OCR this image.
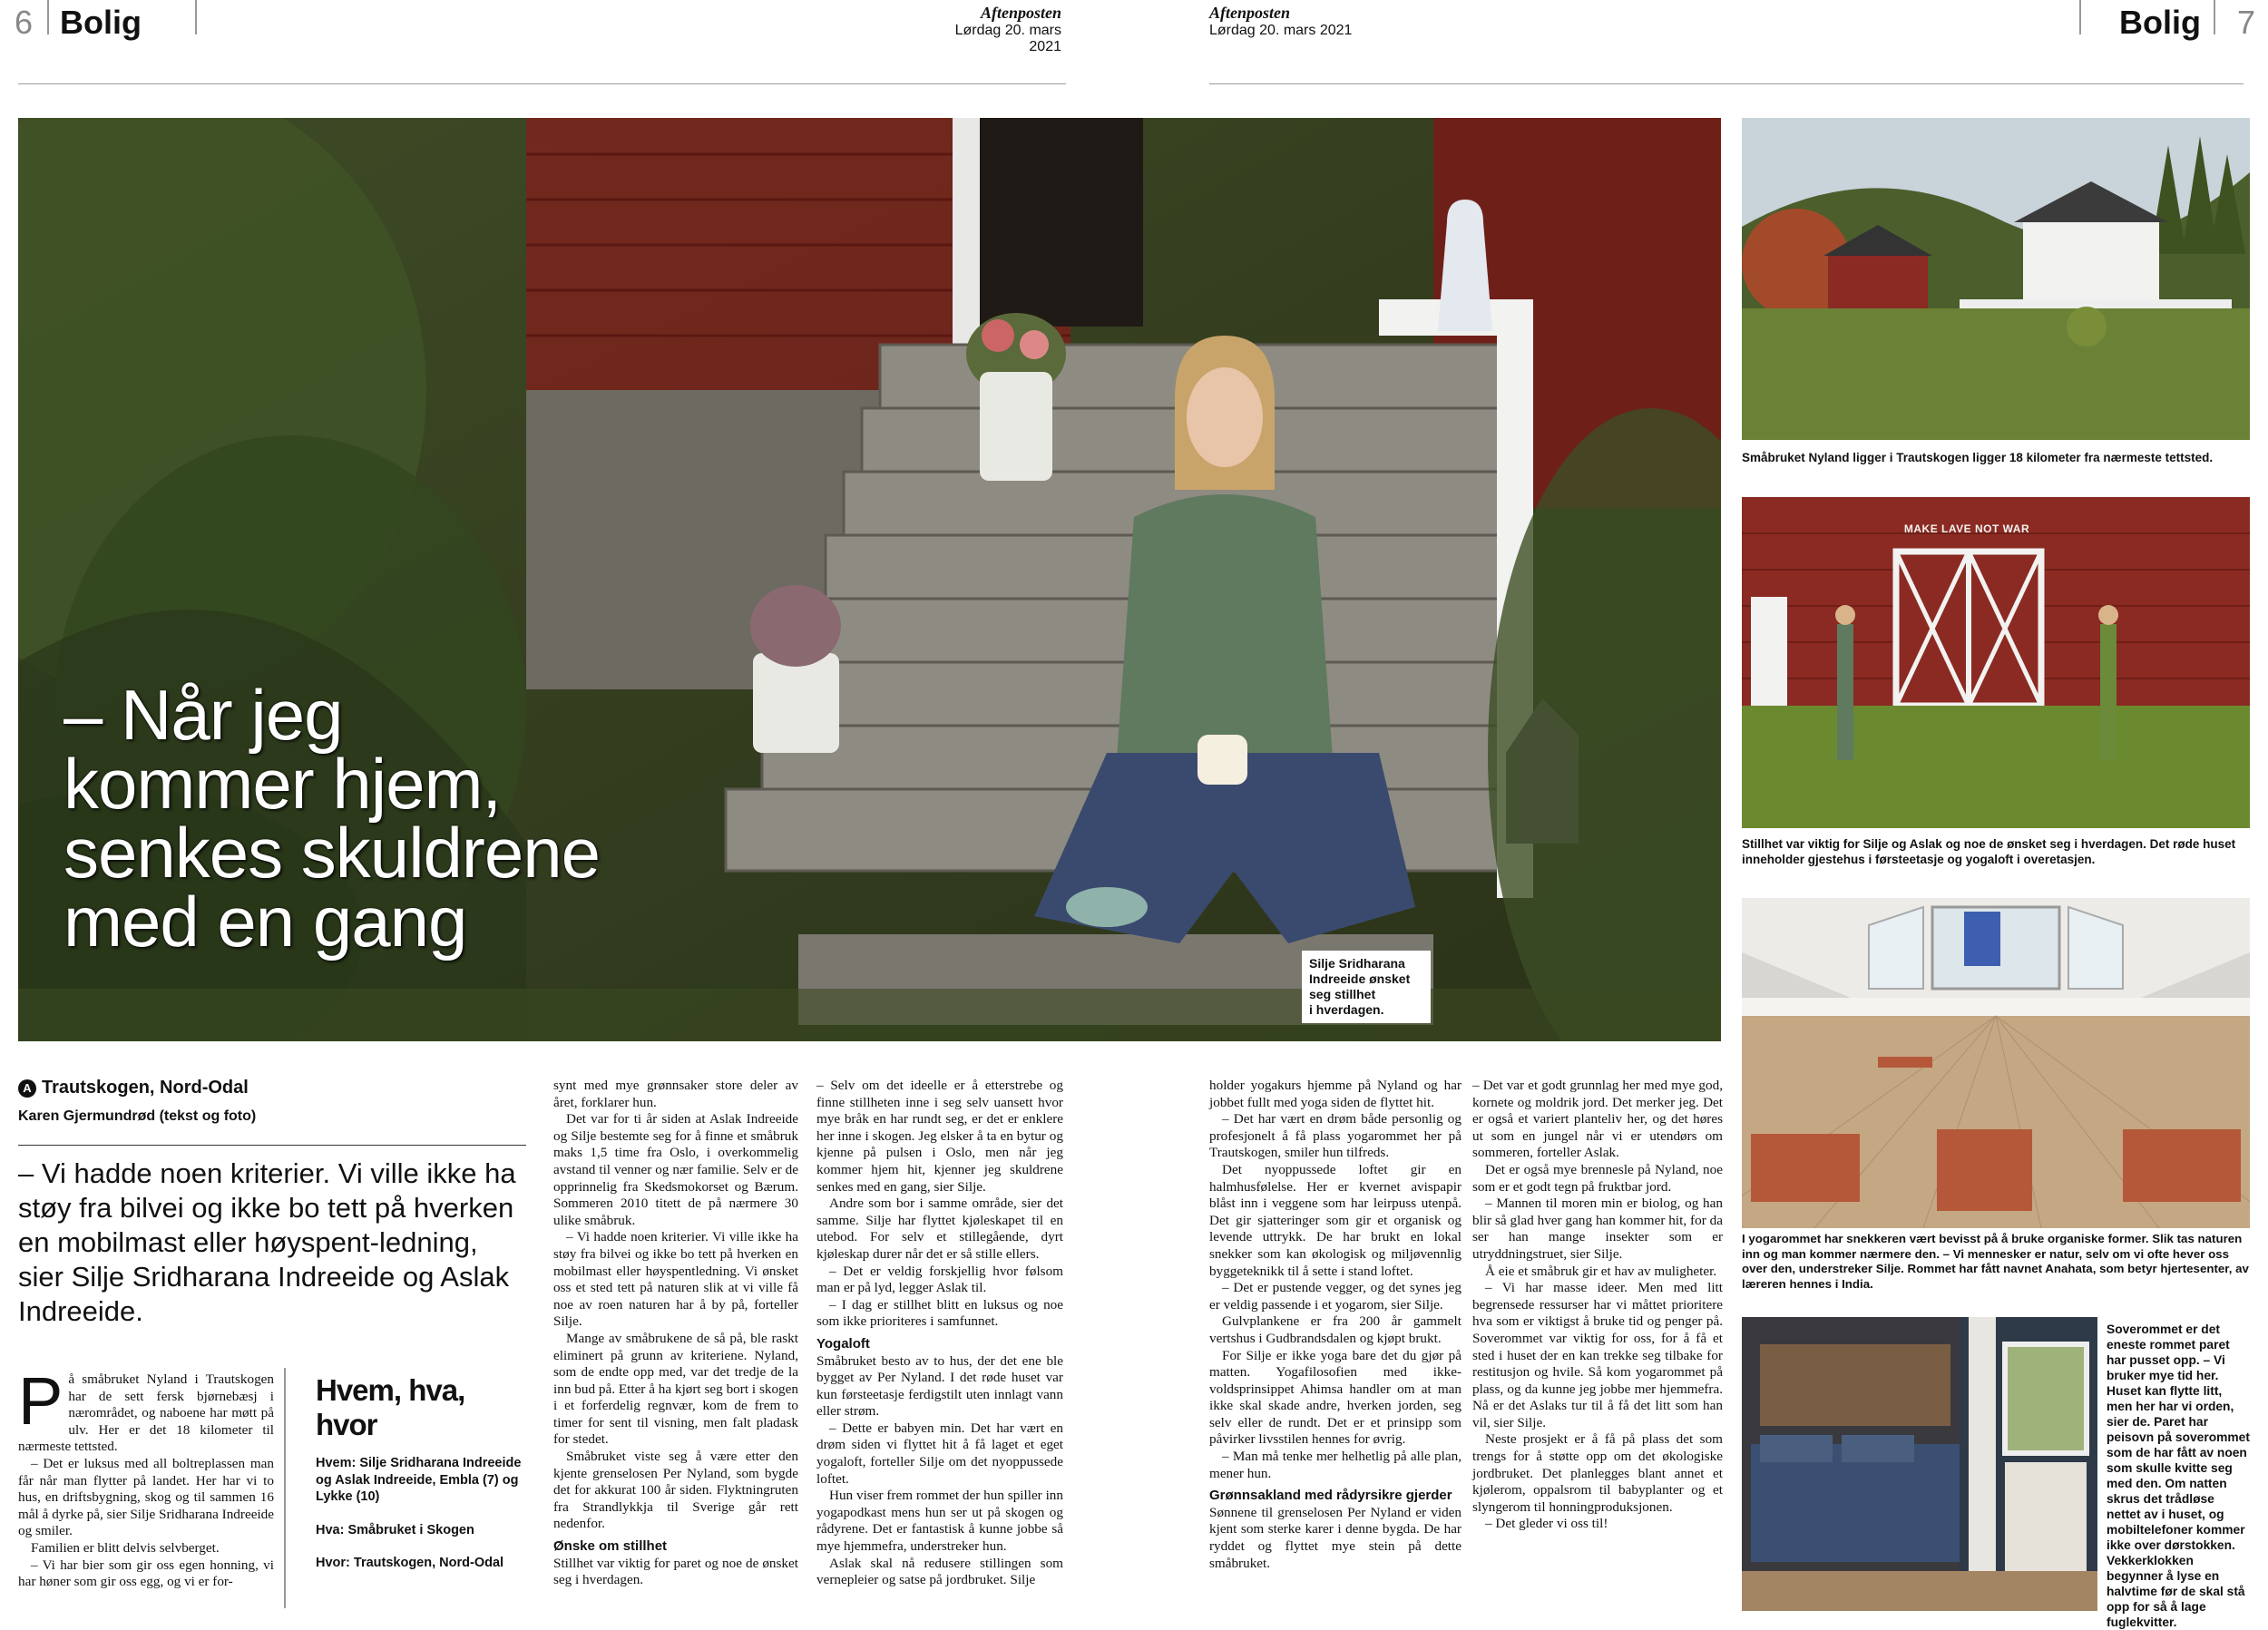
6 Bolig	Aftenposten
Lørdag 20. mars 2021
Aftenposten
Lørdag 20. mars 2021	Bolig 7
– Når jeg
kommer hjem,
senkes skuldrene
med en gang
Silje Sridharana
Indreeide ønsket
seg stillhet
i hverdagen.
A Trautskogen, Nord-Odal
Karen Gjermundrød (tekst og foto)
– Vi hadde noen kriterier. Vi ville ikke ha støy fra bilvei og ikke bo tett på hverken en mobilmast eller høyspent-ledning, sier Silje Sridharana Indreeide og Aslak Indreeide.

På småbruket Nyland i Trautskogen har de sett fersk bjørnebæsj i nærområdet, og naboene har møtt på ulv. Her er det 18 kilometer til nærmeste tettsted.

– Det er luksus med all boltreplassen man får når man flytter på landet. Her har vi to hus, en driftsbygning, skog og til sammen 16 mål å dyrke på, sier Silje Sridharana Indreeide og smiler.

Familien er blitt delvis selvberget.

– Vi har bier som gir oss egen honning, vi har høner som gir oss egg, og vi er for-

Hvem, hva, hvor
Hvem: Silje Sridharana Indreeide og Aslak Indreeide, Embla (7) og Lykke (10)
Hva: Småbruket i Skogen
Hvor: Trautskogen, Nord-Odal

synt med mye grønnsaker store deler av året, forklarer hun.

Det var for ti år siden at Aslak Indreeide og Silje bestemte seg for å finne et småbruk maks 1,5 time fra Oslo, i overkommelig avstand til venner og nær familie. Selv er de opprinnelig fra Skedsmokorset og Bærum. Sommeren 2010 titett de på nærmere 30 ulike småbruk.

– Vi hadde noen kriterier. Vi ville ikke ha støy fra bilvei og ikke bo tett på hverken en mobilmast eller høyspentledning. Vi ønsket oss et sted tett på naturen slik at vi ville få noe av roen naturen har å by på, forteller Silje.

Mange av småbrukene de så på, ble raskt eliminert på grunn av kriteriene. Nyland, som de endte opp med, var det tredje de la inn bud på. Etter å ha kjørt seg bort i skogen i et forferdelig regnvær, kom de frem to timer for sent til visning, men falt pladask for stedet.

Småbruket viste seg å være etter den kjente grenselosen Per Nyland, som bygde det for akkurat 100 år siden. Flyktningruten fra Strandlykkja til Sverige går rett nedenfor.

Ønske om stillhet

Stillhet var viktig for paret og noe de ønsket seg i hverdagen.

– Selv om det ideelle er å etterstrebe og finne stillheten inne i seg selv uansett hvor mye bråk en har rundt seg, er det er enklere her inne i skogen. Jeg elsker å ta en bytur og kjenne på pulsen i Oslo, men når jeg kommer hjem hit, kjenner jeg skuldrene senkes med en gang, sier Silje.

Andre som bor i samme område, sier det samme. Silje har flyttet kjøleskapet til en utebod. For selv et stillegående, dyrt kjøleskap durer når det er så stille ellers.

– Det er veldig forskjellig hvor følsom man er på lyd, legger Aslak til.

– I dag er stillhet blitt en luksus og noe som ikke prioriteres i samfunnet.

Yogaloft

Småbruket besto av to hus, der det ene ble bygget av Per Nyland. I det røde huset var kun førsteetasje ferdigstilt uten innlagt vann eller strøm.

– Dette er babyen min. Det har vært en drøm siden vi flyttet hit å få laget et eget yogaloft, forteller Silje om det nyoppussede loftet.

Hun viser frem rommet der hun spiller inn yogapodkast mens hun ser ut på skogen og rådyrene. Det er fantastisk å kunne jobbe så mye hjemmefra, understreker hun.

Aslak skal nå redusere stillingen som vernepleier og satse på jordbruket. Silje

holder yogakurs hjemme på Nyland og har jobbet fullt med yoga siden de flyttet hit.

– Det har vært en drøm både personlig og profesjonelt å få plass yogarommet her på Trautskogen, smiler hun tilfreds.

Det nyoppussede loftet gir en halmhusfølelse. Her er kvernet avispapir blåst inn i veggene som har leirpuss utenpå. Det gir sjatteringer som gir et organisk og levende uttrykk. De har brukt en lokal snekker som kan økologisk og miljøvennlig byggeteknikk til å sette i stand loftet.

– Det er pustende vegger, og det synes jeg er veldig passende i et yogarom, sier Silje.

Gulvplankene er fra 200 år gammelt vertshus i Gudbrandsdalen og kjøpt brukt.

For Silje er ikke yoga bare det du gjør på matten. Yogafilosofien med ikke-voldsprinsippet Ahimsa handler om at man ikke skal skade andre, hverken jorden, seg selv eller de rundt. Det er et prinsipp som påvirker livsstilen hennes for øvrig.

– Man må tenke mer helhetlig på alle plan, mener hun.

Grønnsakland med rådyrsikre gjerder

Sønnene til grenselosen Per Nyland er viden kjent som sterke karer i denne bygda. De har ryddet og flyttet mye stein på dette småbruket.

– Det var et godt grunnlag her med mye god, kornete og moldrik jord. Det merker jeg. Det er også et variert planteliv her, og det høres ut som en jungel når vi er utendørs om sommeren, forteller Aslak.

Det er også mye brennesle på Nyland, noe som er et godt tegn på fruktbar jord.

– Mannen til moren min er biolog, og han blir så glad hver gang han kommer hit, for da ser han mange insekter som er utryddningstruet, sier Silje.

Å eie et småbruk gir et hav av muligheter.

– Vi har masse ideer. Men med litt begrensede ressurser har vi måttet prioritere hva som er viktigst å bruke tid og penger på. Soverommet var viktig for oss, for å få et sted i huset der en kan trekke seg tilbake for restitusjon og hvile. Så kom yogarommet på plass, og da kunne jeg jobbe mer hjemmefra. Nå er det Aslaks tur til å få det litt som han vil, sier Silje.

Neste prosjekt er å få på plass det som trengs for å støtte opp om det økologiske jordbruket. Det planlegges blant annet et kjølerom, oppalsrom til babyplanter og et slyngerom til honningproduksjonen.

– Det gleder vi oss til!

Småbruket Nyland ligger i Trautskogen ligger 18 kilometer fra nærmeste tettsted.
MAKE LAVE NOT WAR
Stillhet var viktig for Silje og Aslak og noe de ønsket seg i hverdagen. Det røde huset inneholder gjestehus i førsteetasje og yogaloft i overetasjen.
I yogarommet har snekkeren vært bevisst på å bruke organiske former. Slik tas naturen inn og man kommer nærmere den. – Vi mennesker er natur, selv om vi ofte hever oss over den, understreker Silje. Rommet har fått navnet Anahata, som betyr hjertesenter, av læreren hennes i India.
Soverommet er det eneste rommet paret har pusset opp. – Vi bruker mye tid her. Huset kan flytte litt, men her har vi orden, sier de. Paret har peisovn på soverommet som de har fått av noen som skulle kvitte seg med den. Om natten skrus det trådløse nettet av i huset, og mobiltelefoner kommer ikke over dørstokken. Vekkerklokken begynner å lyse en halvtime før de skal stå opp for så å lage fuglekvitter.
